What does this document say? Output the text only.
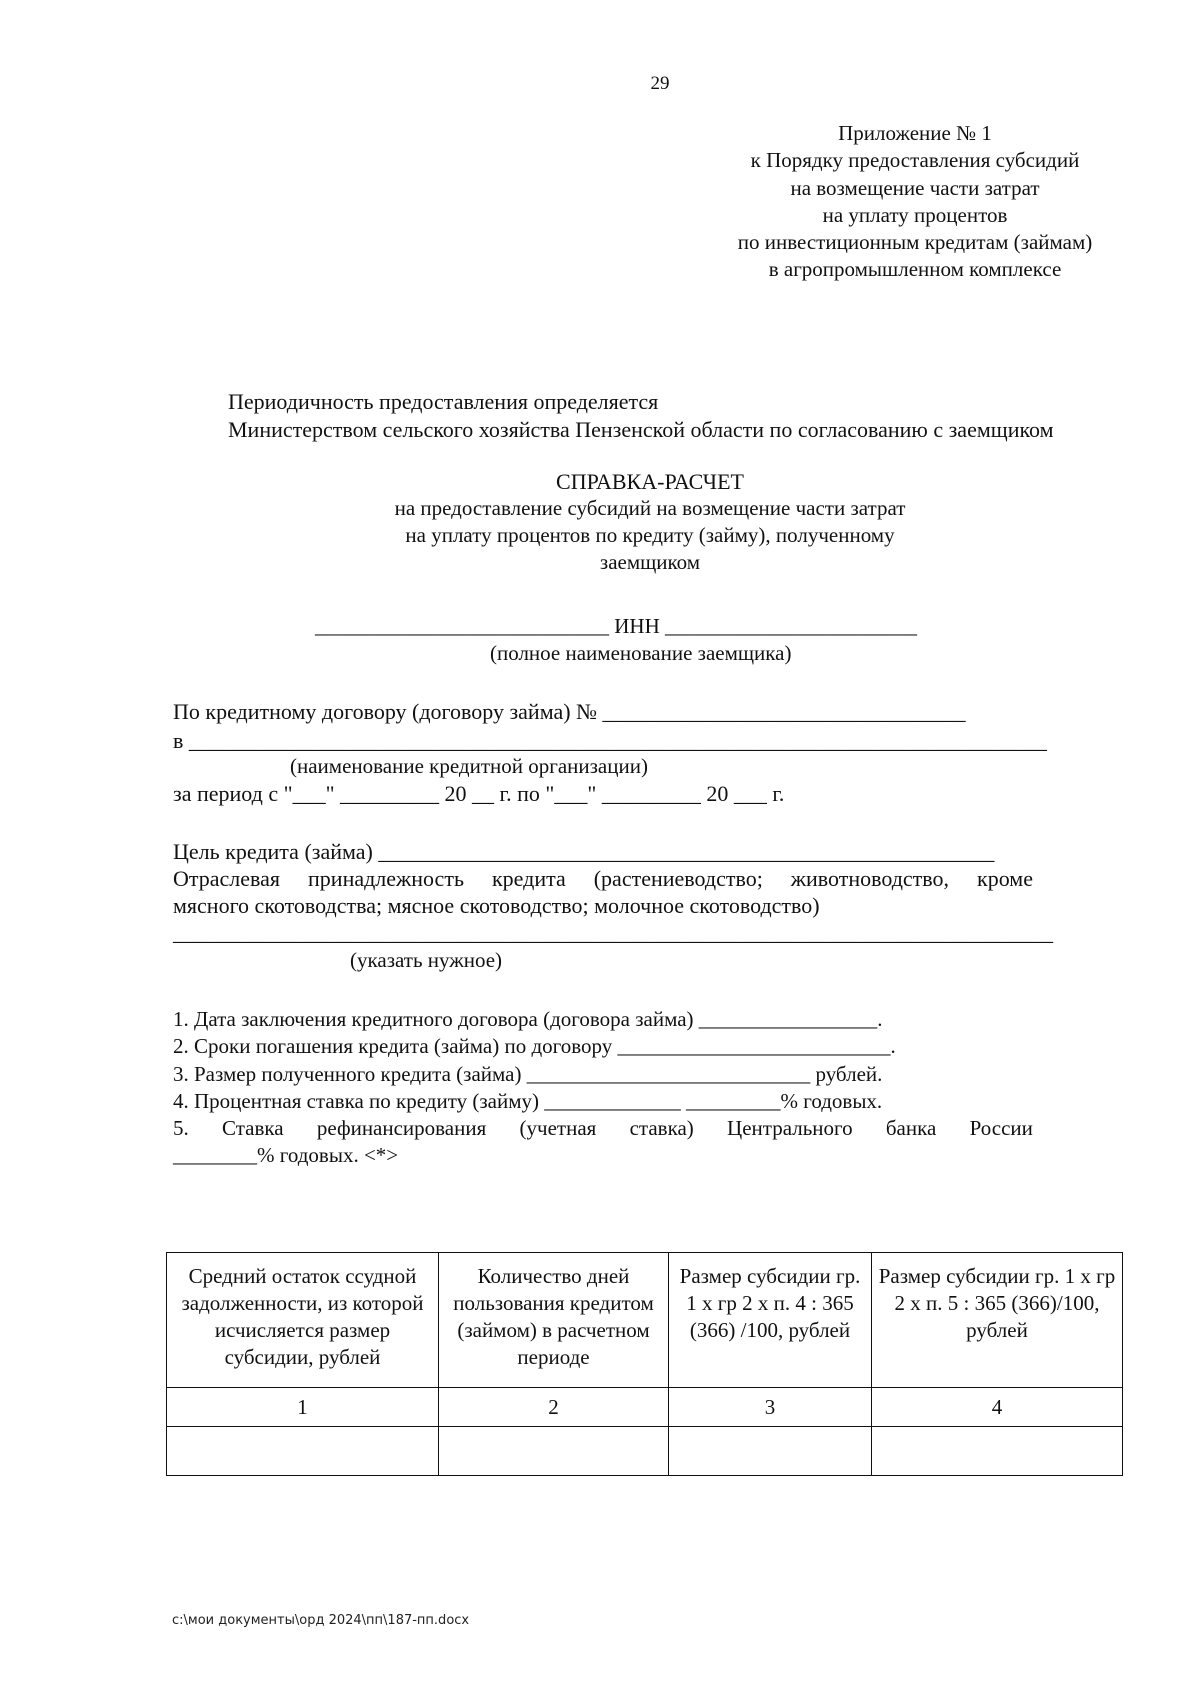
29
Приложение № 1
к Порядку предоставления субсидий
на возмещение части затрат
на уплату процентов
по инвестиционным кредитам (займам)
в агропромышленном комплексе
Периодичность предоставления определяется
Министерством сельского хозяйства Пензенской области по согласованию с заемщиком
СПРАВКА-РАСЧЕТ
на предоставление субсидий на возмещение части затрат
на уплату процентов по кредиту (займу), полученному
заемщиком
____________________________ ИНН ________________________
(полное наименование заемщика)
По кредитному договору (договору займа) № _________________________________
в ______________________________________________________________________________
(наименование кредитной организации)
за период с "___" _________ 20 __ г. по "___" _________ 20 ___ г.
Цель кредита (займа) ________________________________________________________
Отраслевая принадлежность кредита (растениеводство; животноводство, кроме
мясного скотоводства; мясное скотоводство; молочное скотоводство)
________________________________________________________________________________
(указать нужное)
1. Дата заключения кредитного договора (договора займа) _________________.
2. Сроки погашения кредита (займа) по договору __________________________.
3. Размер полученного кредита (займа) ___________________________ рублей.
4. Процентная ставка по кредиту (займу) _____________ _________% годовых.
5. Ставка рефинансирования (учетная ставка) Центрального банка России
________% годовых. <*>
Средний остаток ссудной задолженности, из которой исчисляется размер субсидии, рублей	Количество дней пользования кредитом (займом) в расчетном периоде	Размер субсидии гр. 1 x гр 2 x п. 4 : 365 (366) /100, рублей	Размер субсидии гр. 1 x гр 2 x п. 5 : 365 (366)/100, рублей
1	2	3	4

c:\мои документы\орд 2024\пп\187-пп.docx
